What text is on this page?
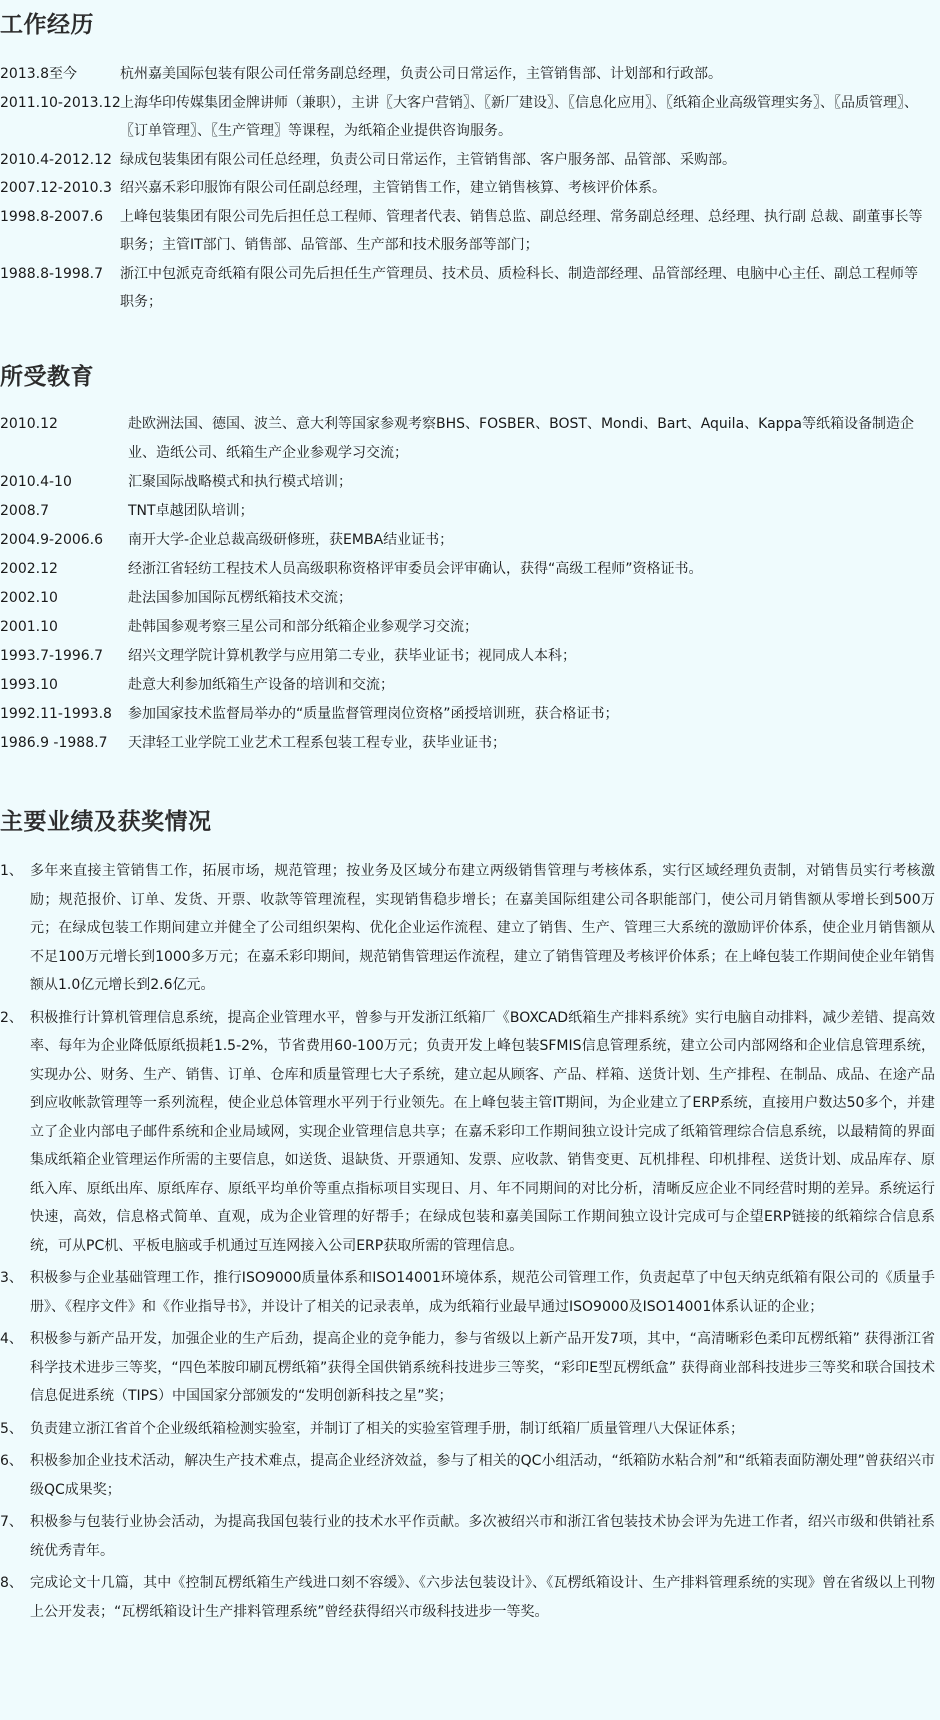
工作经历
2013.8至今	杭州嘉美国际包装有限公司任常务副总经理，负责公司日常运作，主管销售部、计划部和行政部。
2011.10-2013.12 上海华印传媒集团金牌讲师（兼职），主讲〖大客户营销〗、〖新厂建设〗、〖信息化应用〗、〖纸箱企业高级管理实务〗、〖品质管理〗、〖订单管理〗、〖生产管理〗等课程，为纸箱企业提供咨询服务。
2010.4-2012.12 绿成包装集团有限公司任总经理，负责公司日常运作，主管销售部、客户服务部、品管部、采购部。
2007.12-2010.3 绍兴嘉禾彩印服饰有限公司任副总经理，主管销售工作，建立销售核算、考核评价体系。
1998.8-2007.6	上峰包装集团有限公司先后担任总工程师、管理者代表、销售总监、副总经理、常务副总经理、总经理、执行副 总裁、副董事长等职务；主管IT部门、销售部、品管部、生产部和技术服务部等部门；
1988.8-1998.7	浙江中包派克奇纸箱有限公司先后担任生产管理员、技术员、质检科长、制造部经理、品管部经理、电脑中心主任、副总工程师等职务；
所受教育
2010.12	赴欧洲法国、德国、波兰、意大利等国家参观考察BHS、FOSBER、BOST、Mondi、Bart、Aquila、Kappa等纸箱设备制造企业、造纸公司、纸箱生产企业参观学习交流；
2010.4-10	汇聚国际战略模式和执行模式培训；
2008.7	TNT卓越团队培训；
2004.9-2006.6	南开大学-企业总裁高级研修班，获EMBA结业证书；
2002.12	经浙江省轻纺工程技术人员高级职称资格评审委员会评审确认，获得“高级工程师”资格证书。
2002.10	赴法国参加国际瓦楞纸箱技术交流；
2001.10	赴韩国参观考察三星公司和部分纸箱企业参观学习交流；
1993.7-1996.7	绍兴文理学院计算机教学与应用第二专业，获毕业证书；视同成人本科；
1993.10	赴意大利参加纸箱生产设备的培训和交流；
1992.11-1993.8	参加国家技术监督局举办的“质量监督管理岗位资格”函授培训班，获合格证书；
1986.9 -1988.7	天津轻工业学院工业艺术工程系包装工程专业，获毕业证书；
主要业绩及获奖情况
1、 多年来直接主管销售工作，拓展市场，规范管理；按业务及区域分布建立两级销售管理与考核体系，实行区域经理负责制，对销售员实行考核激励；规范报价、订单、发货、开票、收款等管理流程，实现销售稳步增长；在嘉美国际组建公司各职能部门，使公司月销售额从零增长到500万元；在绿成包装工作期间建立并健全了公司组织架构、优化企业运作流程、建立了销售、生产、管理三大系统的激励评价体系，使企业月销售额从不足100万元增长到1000多万元；在嘉禾彩印期间，规范销售管理运作流程，建立了销售管理及考核评价体系；在上峰包装工作期间使企业年销售额从1.0亿元增长到2.6亿元。
2、 积极推行计算机管理信息系统，提高企业管理水平，曾参与开发浙江纸箱厂《BOXCAD纸箱生产排料系统》实行电脑自动排料，减少差错、提高效率、每年为企业降低原纸损耗1.5-2%，节省费用60-100万元；负责开发上峰包装SFMIS信息管理系统，建立公司内部网络和企业信息管理系统，实现办公、财务、生产、销售、订单、仓库和质量管理七大子系统，建立起从顾客、产品、样箱、送货计划、生产排程、在制品、成品、在途产品到应收帐款管理等一系列流程，使企业总体管理水平列于行业领先。在上峰包装主管IT期间，为企业建立了ERP系统，直接用户数达50多个，并建立了企业内部电子邮件系统和企业局域网，实现企业管理信息共享；在嘉禾彩印工作期间独立设计完成了纸箱管理综合信息系统，以最精简的界面集成纸箱企业管理运作所需的主要信息，如送货、退缺货、开票通知、发票、应收款、销售变更、瓦机排程、印机排程、送货计划、成品库存、原纸入库、原纸出库、原纸库存、原纸平均单价等重点指标项目实现日、月、年不同期间的对比分析，清晰反应企业不同经营时期的差异。系统运行快速，高效，信息格式简单、直观，成为企业管理的好帮手；在绿成包装和嘉美国际工作期间独立设计完成可与企望ERP链接的纸箱综合信息系统，可从PC机、平板电脑或手机通过互连网接入公司ERP获取所需的管理信息。
3、 积极参与企业基础管理工作，推行ISO9000质量体系和ISO14001环境体系，规范公司管理工作，负责起草了中包天纳克纸箱有限公司的《质量手册》、《程序文件》和《作业指导书》，并设计了相关的记录表单，成为纸箱行业最早通过ISO9000及ISO14001体系认证的企业；
4、 积极参与新产品开发，加强企业的生产后劲，提高企业的竞争能力，参与省级以上新产品开发7项，其中，“高清晰彩色柔印瓦楞纸箱” 获得浙江省科学技术进步三等奖，“四色苯胺印刷瓦楞纸箱”获得全国供销系统科技进步三等奖，“彩印E型瓦楞纸盒” 获得商业部科技进步三等奖和联合国技术信息促进系统（TIPS）中国国家分部颁发的“发明创新科技之星”奖；
5、 负责建立浙江省首个企业级纸箱检测实验室，并制订了相关的实验室管理手册，制订纸箱厂质量管理八大保证体系；
6、 积极参加企业技术活动，解决生产技术难点，提高企业经济效益，参与了相关的QC小组活动，“纸箱防水粘合剂”和“纸箱表面防潮处理”曾获绍兴市级QC成果奖；
7、 积极参与包装行业协会活动，为提高我国包装行业的技术水平作贡献。多次被绍兴市和浙江省包装技术协会评为先进工作者，绍兴市级和供销社系统优秀青年。
8、 完成论文十几篇，其中《控制瓦楞纸箱生产线进口刻不容缓》、《六步法包装设计》、《瓦楞纸箱设计、生产排料管理系统的实现》曾在省级以上刊物上公开发表；“瓦楞纸箱设计生产排料管理系统”曾经获得绍兴市级科技进步一等奖。
